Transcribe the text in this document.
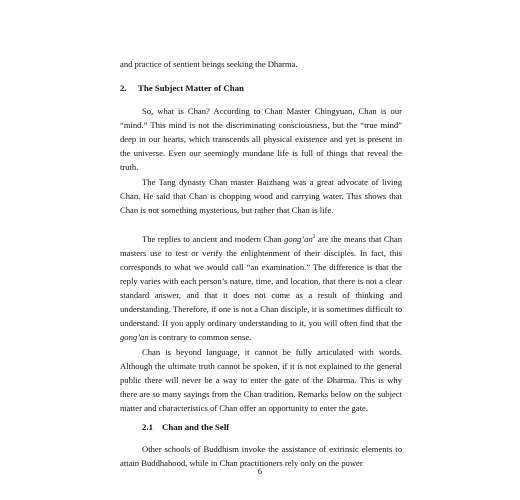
and practice of sentient beings seeking the Dharma.

2. The Subject Matter of Chan

So, what is Chan? According to Chan Master Chingyuan, Chan is our “mind.” This mind is not the discriminating consciousness, but the “true mind” deep in our hearts, which transcends all physical existence and yet is present in the universe. Even our seemingly mundane life is full of things that reveal the truth.

The Tang dynasty Chan master Baizhang was a great advocate of living Chan. He said that Chan is chopping wood and carrying water. This shows that Chan is not something mysterious, but rather that Chan is life.

The replies to ancient and modern Chan $gong’an^2$ are the means that Chan masters use to test or verify the enlightenment of their disciples. In fact, this corresponds to what we would call “an examination.” The difference is that the reply varies with each person’s nature, time, and location, that there is not a clear standard answer, and that it does not come as a result of thinking and understanding. Therefore, if one is not a Chan disciple, it is sometimes difficult to understand. If you apply ordinary understanding to it, you will often find that the gong’an is contrary to common sense.

Chan is beyond language, it cannot be fully articulated with words. Although the ultimate truth cannot be spoken, if it is not explained to the general public there will never be a way to enter the gate of the Dharma. This is why there are so many sayings from the Chan tradition. Remarks below on the subject matter and characteristics of Chan offer an opportunity to enter the gate.

2.1 Chan and the Self

Other schools of Buddhism invoke the assistance of extrinsic elements to attain Buddhahood, while in Chan practitioners rely only on the power

6
